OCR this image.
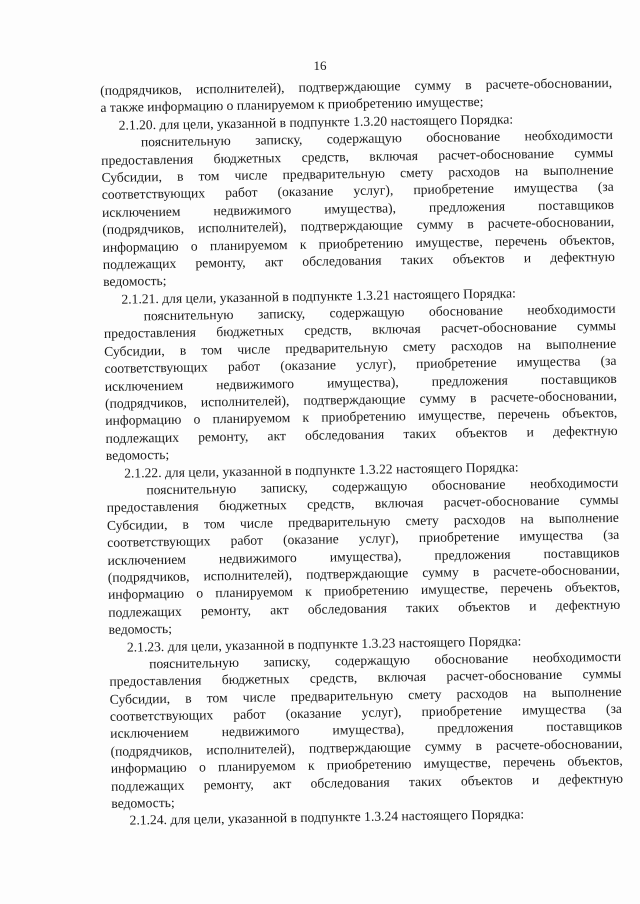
16
(подрядчиков, исполнителей), подтверждающие сумму в расчете-обосновании,
а также информацию о планируемом к приобретению имуществе;
2.1.20. для цели, указанной в подпункте 1.3.20 настоящего Порядка:
пояснительную записку, содержащую обоснование необходимости
предоставления бюджетных средств, включая расчет-обоснование суммы
Субсидии, в том числе предварительную смету расходов на выполнение
соответствующих работ (оказание услуг), приобретение имущества (за
исключением недвижимого имущества), предложения поставщиков
(подрядчиков, исполнителей), подтверждающие сумму в расчете-обосновании,
информацию о планируемом к приобретению имуществе, перечень объектов,
подлежащих ремонту, акт обследования таких объектов и дефектную
ведомость;
2.1.21. для цели, указанной в подпункте 1.3.21 настоящего Порядка:
пояснительную записку, содержащую обоснование необходимости
предоставления бюджетных средств, включая расчет-обоснование суммы
Субсидии, в том числе предварительную смету расходов на выполнение
соответствующих работ (оказание услуг), приобретение имущества (за
исключением недвижимого имущества), предложения поставщиков
(подрядчиков, исполнителей), подтверждающие сумму в расчете-обосновании,
информацию о планируемом к приобретению имуществе, перечень объектов,
подлежащих ремонту, акт обследования таких объектов и дефектную
ведомость;
2.1.22. для цели, указанной в подпункте 1.3.22 настоящего Порядка:
пояснительную записку, содержащую обоснование необходимости
предоставления бюджетных средств, включая расчет-обоснование суммы
Субсидии, в том числе предварительную смету расходов на выполнение
соответствующих работ (оказание услуг), приобретение имущества (за
исключением недвижимого имущества), предложения поставщиков
(подрядчиков, исполнителей), подтверждающие сумму в расчете-обосновании,
информацию о планируемом к приобретению имуществе, перечень объектов,
подлежащих ремонту, акт обследования таких объектов и дефектную
ведомость;
2.1.23. для цели, указанной в подпункте 1.3.23 настоящего Порядка:
пояснительную записку, содержащую обоснование необходимости
предоставления бюджетных средств, включая расчет-обоснование суммы
Субсидии, в том числе предварительную смету расходов на выполнение
соответствующих работ (оказание услуг), приобретение имущества (за
исключением недвижимого имущества), предложения поставщиков
(подрядчиков, исполнителей), подтверждающие сумму в расчете-обосновании,
информацию о планируемом к приобретению имуществе, перечень объектов,
подлежащих ремонту, акт обследования таких объектов и дефектную
ведомость;
2.1.24. для цели, указанной в подпункте 1.3.24 настоящего Порядка:
